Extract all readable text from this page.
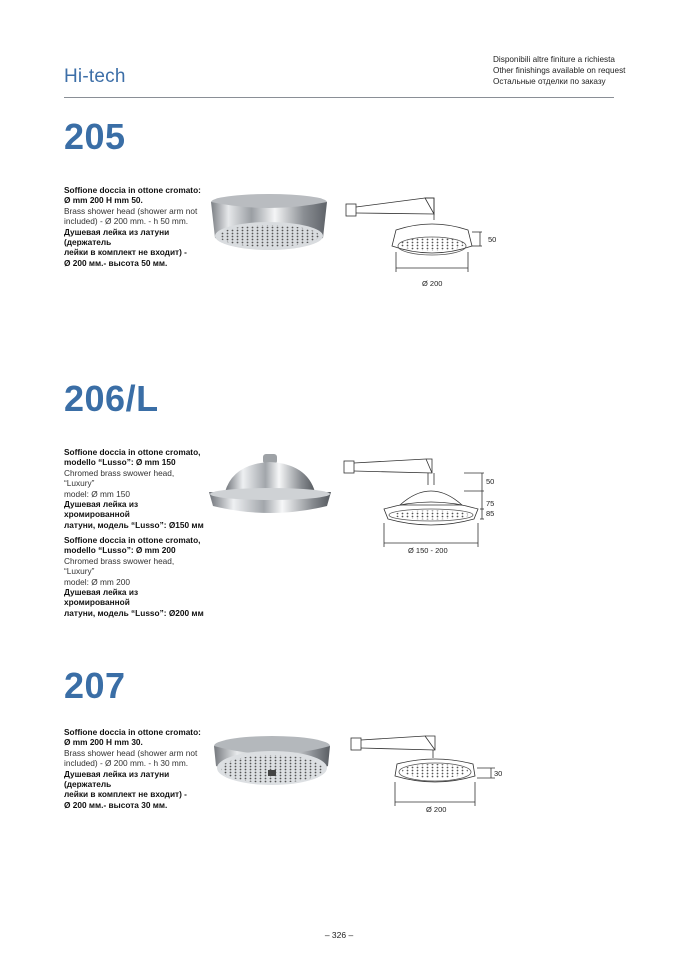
Hi-tech
Disponibili altre finiture a richiesta
Other finishings available on request
Остальные отделки по заказу
205
Soffione doccia in ottone cromato:
Ø mm 200 H mm 50.
Brass shower head (shower arm not
included) - Ø 200 mm. - h 50 mm.
Душевая лейка из латуни
(держатель
лейки в комплект не входит) -
Ø 200 мм.- высота 50 мм.
50
Ø 200
206/L
Soffione doccia in ottone cromato,
modello “Lusso”: Ø mm 150
Chromed brass swower head, “Luxury”
model: Ø mm 150
Душевая лейка из хромированной
латуни, модель “Lusso”: Ø150 мм
Soffione doccia in ottone cromato,
modello “Lusso”: Ø mm 200
Chromed brass swower head, “Luxury”
model: Ø mm 200
Душевая лейка из хромированной
латуни, модель “Lusso”: Ø200 мм
50
75
85
Ø 150 - 200
207
Soffione doccia in ottone cromato:
Ø mm 200 H mm 30.
Brass shower head (shower arm not
included) - Ø 200 mm. - h 30 mm.
Душевая лейка из латуни (держатель
лейки в комплект не входит) -
Ø 200 мм.- высота 30 мм.
30
Ø 200
– 326 –
